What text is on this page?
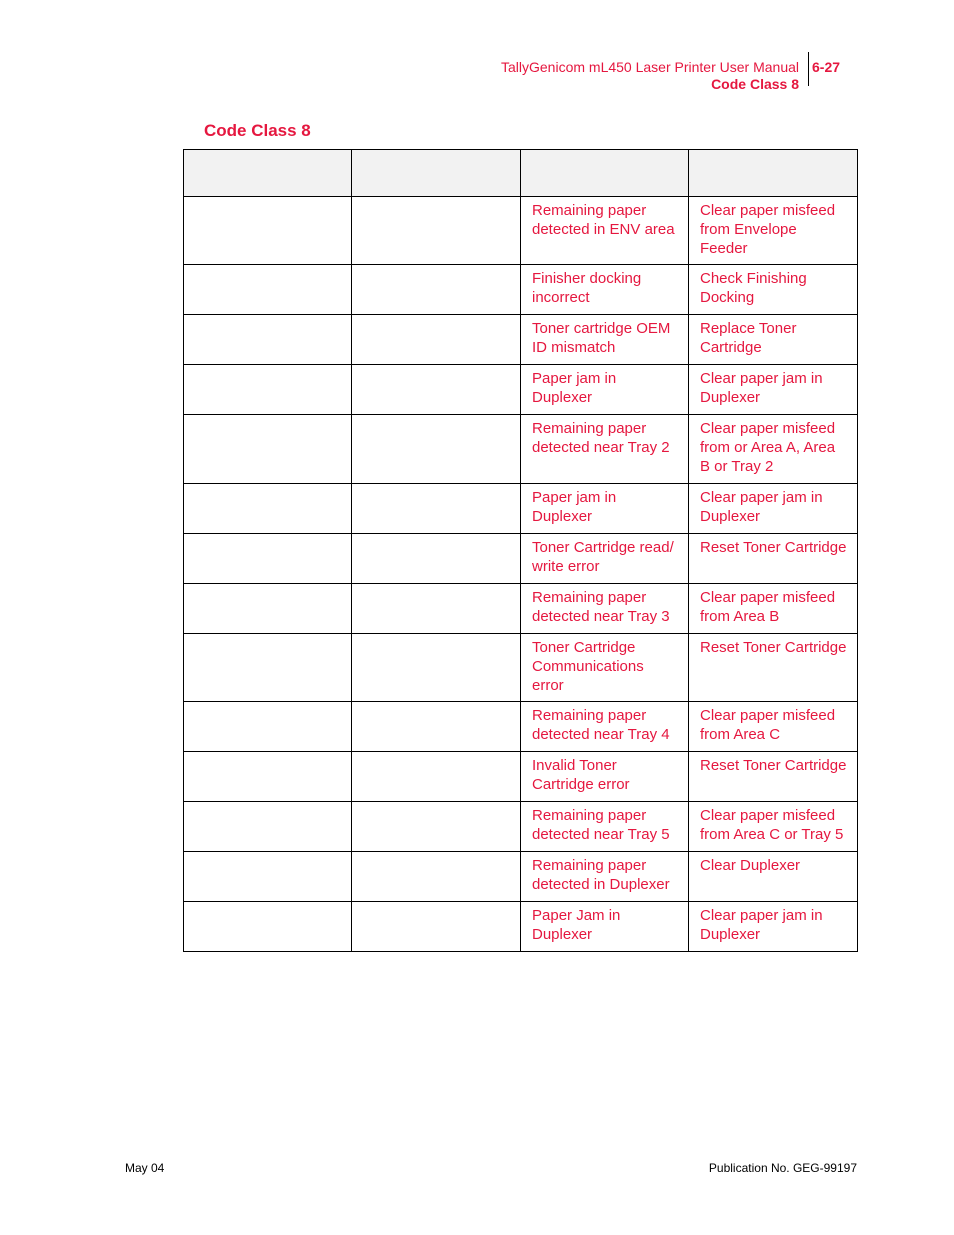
TallyGenicom mL450 Laser Printer User Manual
Code Class 8
6-27
Code Class 8

		Remaining paper detected in ENV area	Clear paper misfeed from Envelope Feeder
		Finisher docking incorrect	Check Finishing Docking
		Toner cartridge OEM ID mismatch	Replace Toner Cartridge
		Paper jam in Duplexer	Clear paper jam in Duplexer
		Remaining paper detected near Tray 2	Clear paper misfeed from or Area A, Area B or Tray 2
		Paper jam in Duplexer	Clear paper jam in Duplexer
		Toner Cartridge read/ write error	Reset Toner Cartridge
		Remaining paper detected near Tray 3	Clear paper misfeed from Area B
		Toner Cartridge Communications error	Reset Toner Cartridge
		Remaining paper detected near Tray 4	Clear paper misfeed from Area C
		Invalid Toner Cartridge error	Reset Toner Cartridge
		Remaining paper detected near Tray 5	Clear paper misfeed from Area C or Tray 5
		Remaining paper detected in Duplexer	Clear Duplexer
		Paper Jam in Duplexer	Clear paper jam in Duplexer
May 04	Publication No. GEG-99197
